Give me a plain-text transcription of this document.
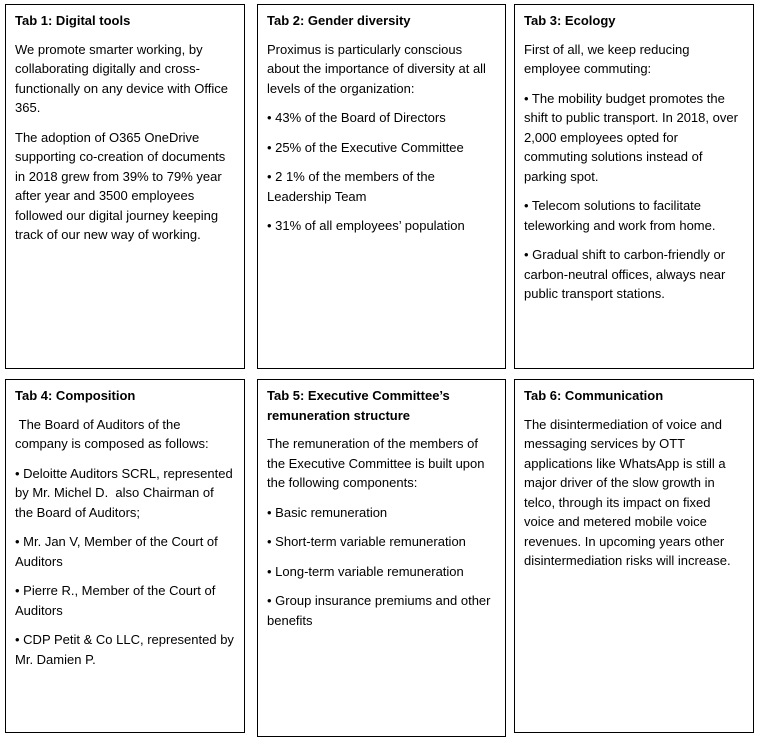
Tab 1: Digital tools

We promote smarter working, by collaborating digitally and cross-functionally on any device with Office 365.

The adoption of O365 OneDrive supporting co-creation of documents in 2018 grew from 39% to 79% year after year and 3500 employees followed our digital journey keeping track of our new way of working.

Tab 2: Gender diversity

Proximus is particularly conscious about the importance of diversity at all levels of the organization:

• 43% of the Board of Directors

• 25% of the Executive Committee

• 2 1% of the members of the Leadership Team

• 31% of all employees’ population

Tab 3: Ecology

First of all, we keep reducing employee commuting:

• The mobility budget promotes the shift to public transport. In 2018, over 2,000 employees opted for commuting solutions instead of parking spot.

• Telecom solutions to facilitate teleworking and work from home.

• Gradual shift to carbon-friendly or carbon-neutral offices, always near public transport stations.

Tab 4: Composition

The Board of Auditors of the company is composed as follows:

• Deloitte Auditors SCRL, represented by Mr. Michel D.  also Chairman of the Board of Auditors;

• Mr. Jan V, Member of the Court of Auditors

• Pierre R., Member of the Court of Auditors

• CDP Petit & Co LLC, represented by Mr. Damien P.

Tab 5: Executive Committee’s remuneration structure

The remuneration of the members of the Executive Committee is built upon the following components:

• Basic remuneration

• Short-term variable remuneration

• Long-term variable remuneration

• Group insurance premiums and other benefits

Tab 6: Communication

The disintermediation of voice and messaging services by OTT applications like WhatsApp is still a major driver of the slow growth in telco, through its impact on fixed voice and metered mobile voice revenues. In upcoming years other disintermediation risks will increase.
